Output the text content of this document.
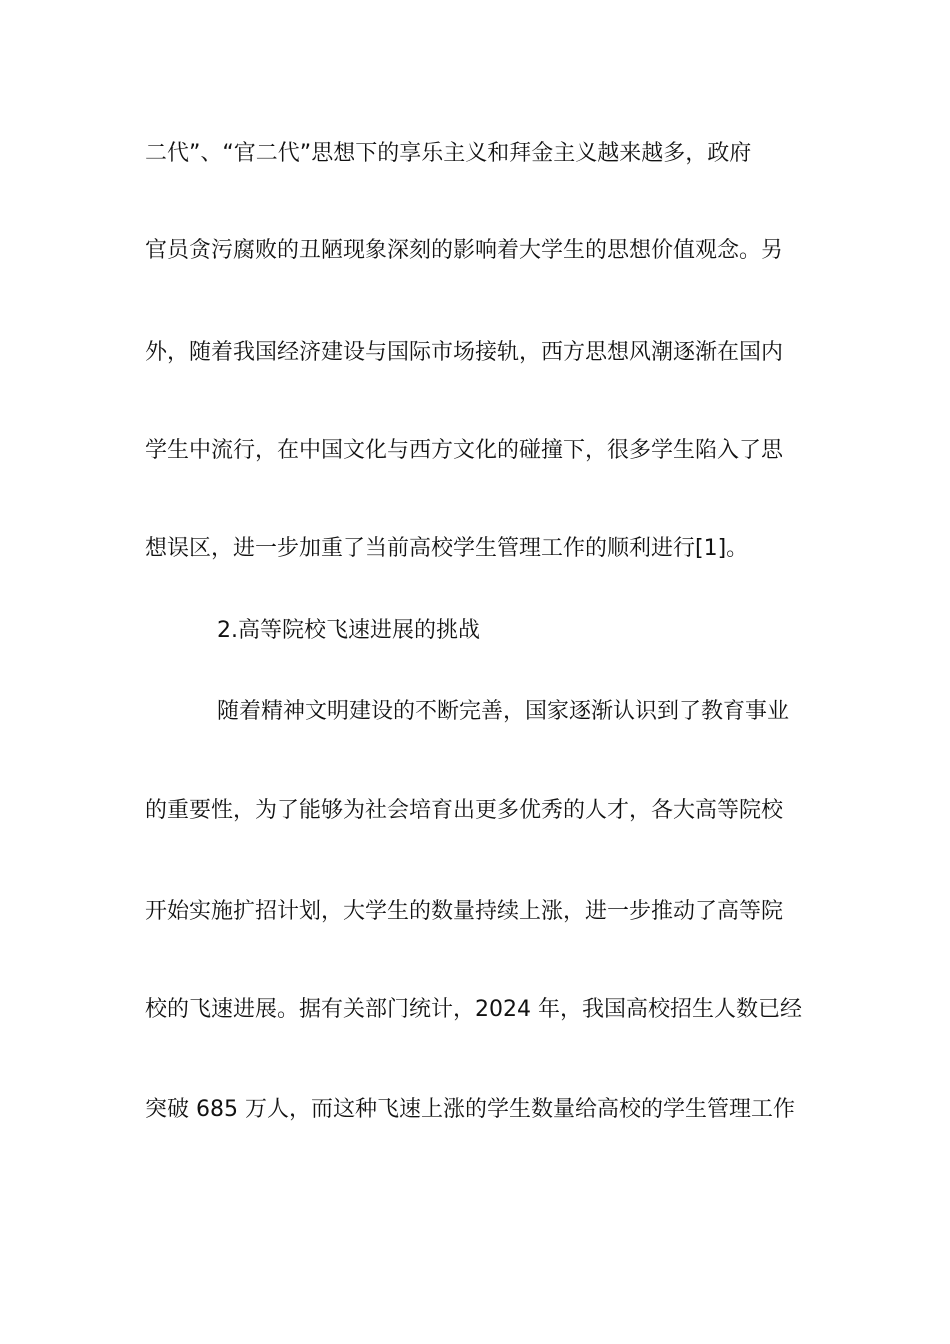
二代”、“官二代”思想下的享乐主义和拜金主义越来越多，政府
官员贪污腐败的丑陋现象深刻的影响着大学生的思想价值观念。另
外，随着我国经济建设与国际市场接轨，西方思想风潮逐渐在国内
学生中流行，在中国文化与西方文化的碰撞下，很多学生陷入了思
想误区，进一步加重了当前高校学生管理工作的顺利进行[1]。
2.高等院校飞速进展的挑战
随着精神文明建设的不断完善，国家逐渐认识到了教育事业
的重要性，为了能够为社会培育出更多优秀的人才，各大高等院校
开始实施扩招计划，大学生的数量持续上涨，进一步推动了高等院
校的飞速进展。据有关部门统计，2024 年，我国高校招生人数已经
突破 685 万人，而这种飞速上涨的学生数量给高校的学生管理工作
